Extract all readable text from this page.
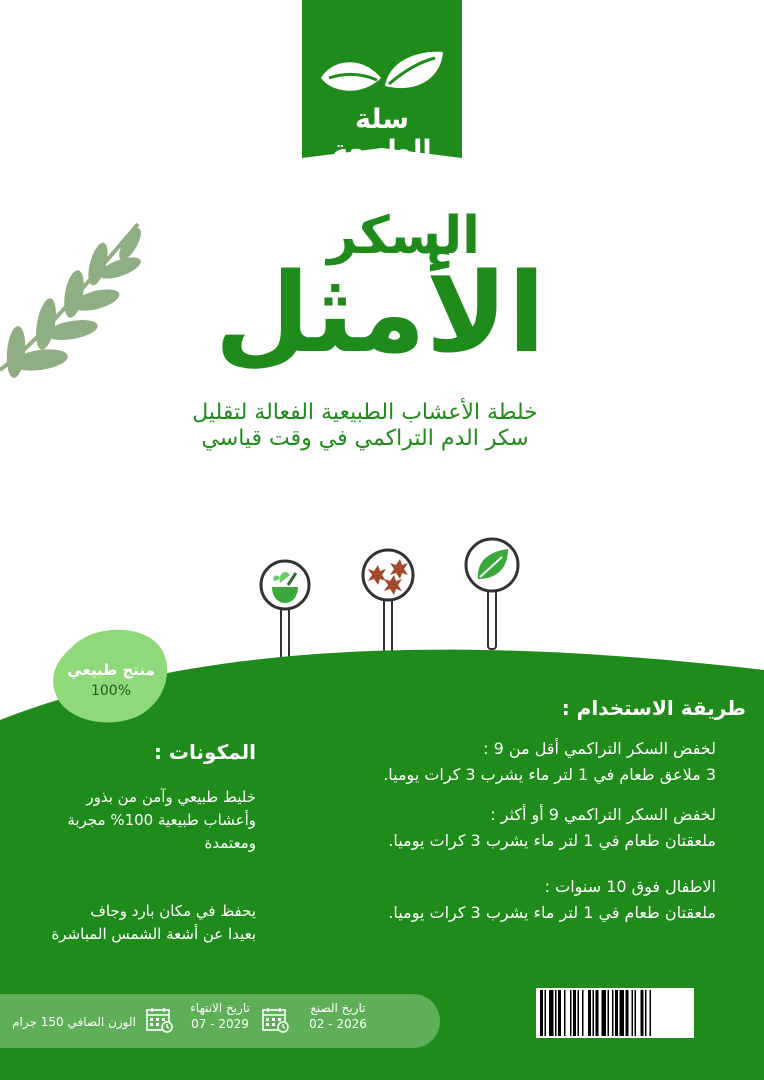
سلة الطبيعة
السكر
الأمثل
خلطة الأعشاب الطبيعية الفعالة لتقليل
سكر الدم التراكمي في وقت قياسي
منتج طبيعي
100%
طريقة الاستخدام :
لخفض السكر التراكمي أقل من 9 :
3 ملاعق طعام في 1 لتر ماء يشرب 3 كرات يوميا.
لخفض السكر التراكمي 9 أو أكثر :
ملعقتان طعام في 1 لتر ماء يشرب 3 كرات يوميا.
الاطفال فوق 10 سنوات :
ملعقتان طعام في 1 لتر ماء يشرب 3 كرات يوميا.
المكونات :
خليط طبيعي وآمن من بذور
وأعشاب طبيعية 100% مجربة
ومعتمدة
يحفظ في مكان بارد وجاف
بعيدا عن أشعة الشمس المباشرة
تاريخ الصنع
2026 - 02
تاريخ الانتهاء
2029 - 07
الوزن الصافي 150 جرام
000334986 0
